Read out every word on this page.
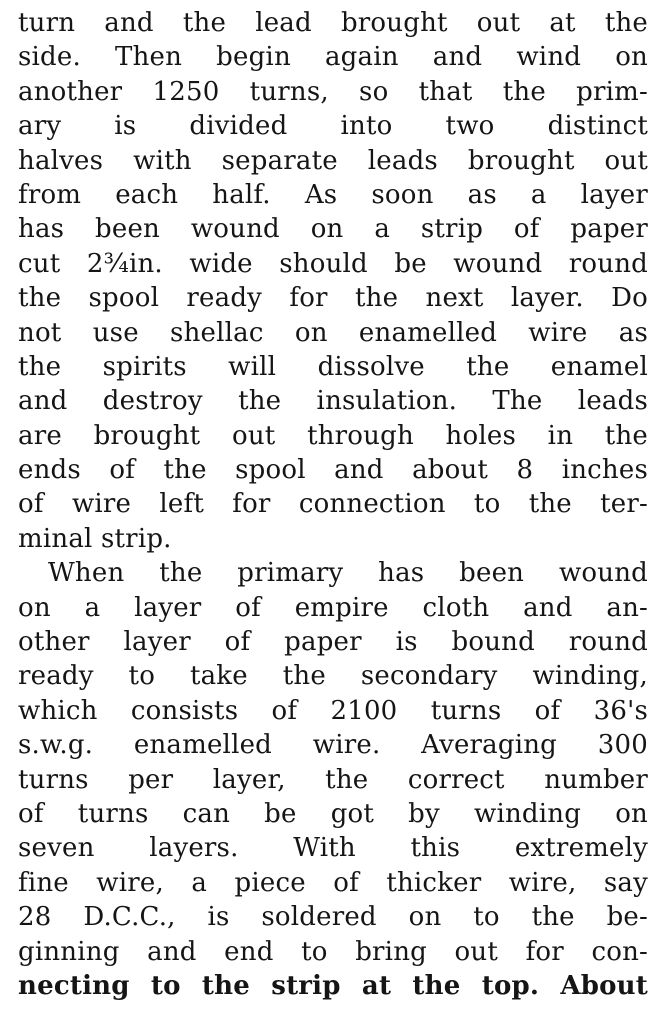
turn and the lead brought out at the
side. Then begin again and wind on
another 1250 turns, so that the prim-
ary is divided into two distinct
halves with separate leads brought out
from each half. As soon as a layer
has been wound on a strip of paper
cut 2¾in. wide should be wound round
the spool ready for the next layer. Do
not use shellac on enamelled wire as
the spirits will dissolve the enamel
and destroy the insulation. The leads
are brought out through holes in the
ends of the spool and about 8 inches
of wire left for connection to the ter-
minal strip.
When the primary has been wound
on a layer of empire cloth and an-
other layer of paper is bound round
ready to take the secondary winding,
which consists of 2100 turns of 36's
s.w.g. enamelled wire. Averaging 300
turns per layer, the correct number
of turns can be got by winding on
seven layers. With this extremely
fine wire, a piece of thicker wire, say
28 D.C.C., is soldered on to the be-
ginning and end to bring out for con-
necting to the strip at the top. About
